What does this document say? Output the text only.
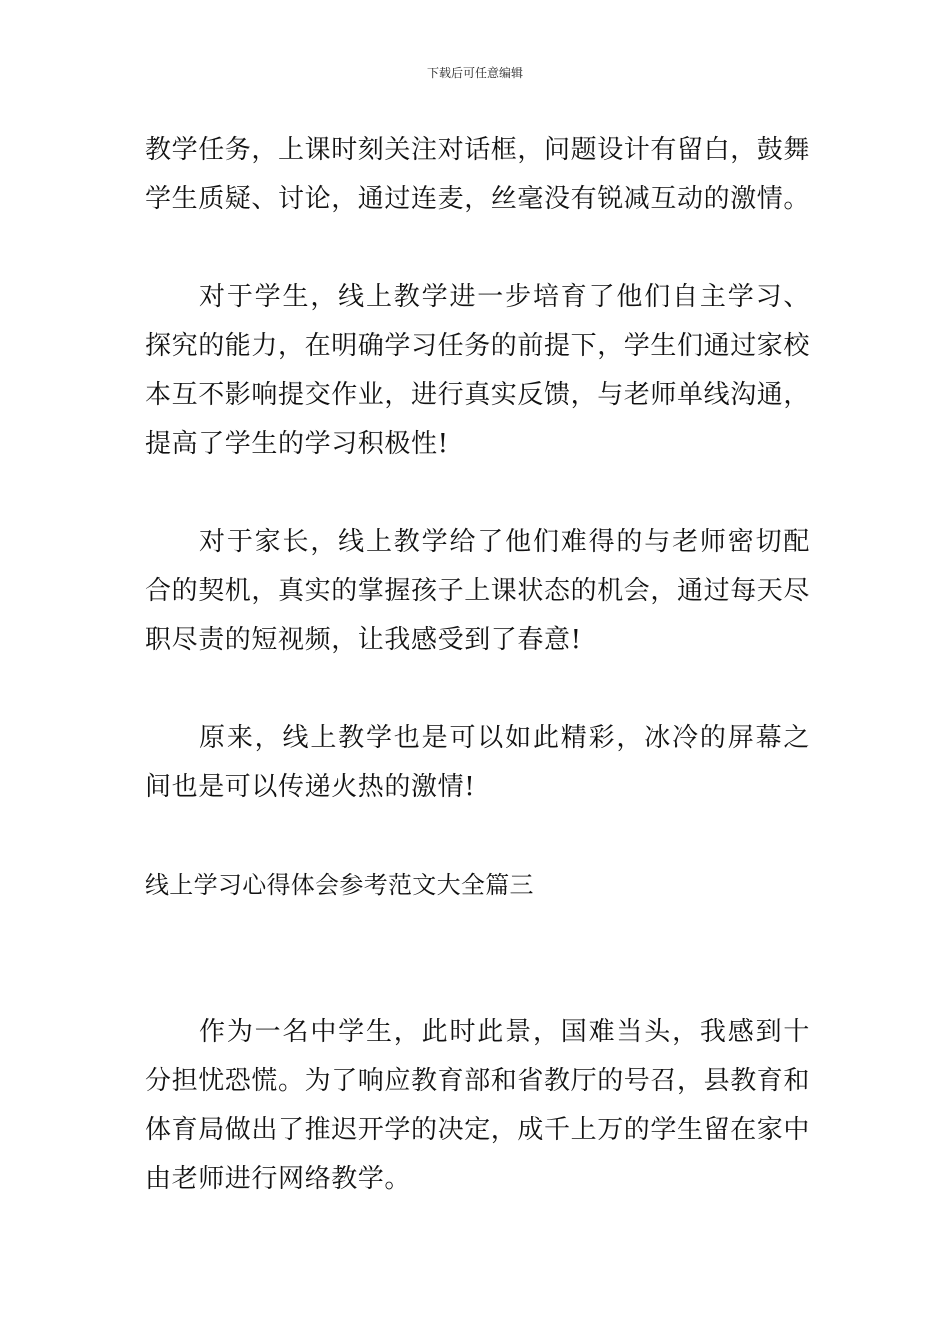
下载后可任意编辑

教学任务，上课时刻关注对话框，问题设计有留白，鼓舞学生质疑、讨论，通过连麦，丝毫没有锐减互动的激情。

对于学生，线上教学进一步培育了他们自主学习、探究的能力，在明确学习任务的前提下，学生们通过家校本互不影响提交作业，进行真实反馈，与老师单线沟通，提高了学生的学习积极性!

对于家长，线上教学给了他们难得的与老师密切配合的契机，真实的掌握孩子上课状态的机会，通过每天尽职尽责的短视频，让我感受到了春意!

原来，线上教学也是可以如此精彩，冰冷的屏幕之间也是可以传递火热的激情!

线上学习心得体会参考范文大全篇三

作为一名中学生，此时此景，国难当头，我感到十分担忧恐慌。为了响应教育部和省教厅的号召，县教育和体育局做出了推迟开学的决定，成千上万的学生留在家中由老师进行网络教学。
